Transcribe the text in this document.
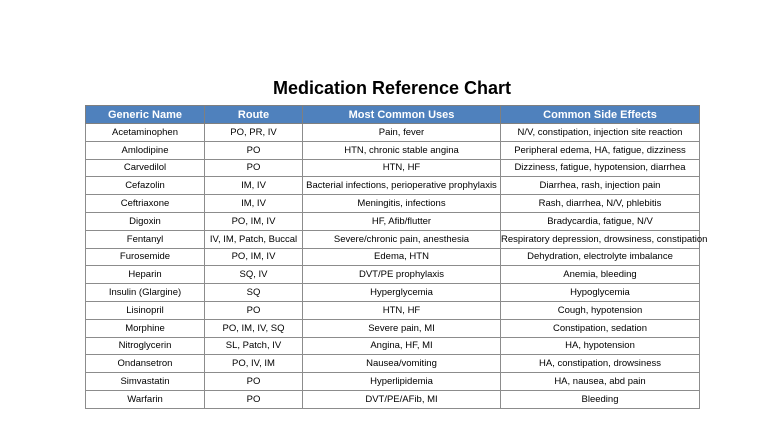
Medication Reference Chart
Generic Name	Route	Most Common Uses	Common Side Effects
Acetaminophen	PO, PR, IV	Pain, fever	N/V, constipation, injection site reaction
Amlodipine	PO	HTN, chronic stable angina	Peripheral edema, HA, fatigue, dizziness
Carvedilol	PO	HTN, HF	Dizziness, fatigue, hypotension, diarrhea
Cefazolin	IM, IV	Bacterial infections, perioperative prophylaxis	Diarrhea, rash, injection pain
Ceftriaxone	IM, IV	Meningitis, infections	Rash, diarrhea, N/V, phlebitis
Digoxin	PO, IM, IV	HF, Afib/flutter	Bradycardia, fatigue, N/V
Fentanyl	IV, IM, Patch, Buccal	Severe/chronic pain, anesthesia	Respiratory depression, drowsiness, constipation
Furosemide	PO, IM, IV	Edema, HTN	Dehydration, electrolyte imbalance
Heparin	SQ, IV	DVT/PE prophylaxis	Anemia, bleeding
Insulin (Glargine)	SQ	Hyperglycemia	Hypoglycemia
Lisinopril	PO	HTN, HF	Cough, hypotension
Morphine	PO, IM, IV, SQ	Severe pain, MI	Constipation, sedation
Nitroglycerin	SL, Patch, IV	Angina, HF, MI	HA, hypotension
Ondansetron	PO, IV, IM	Nausea/vomiting	HA, constipation, drowsiness
Simvastatin	PO	Hyperlipidemia	HA, nausea, abd pain
Warfarin	PO	DVT/PE/AFib, MI	Bleeding
